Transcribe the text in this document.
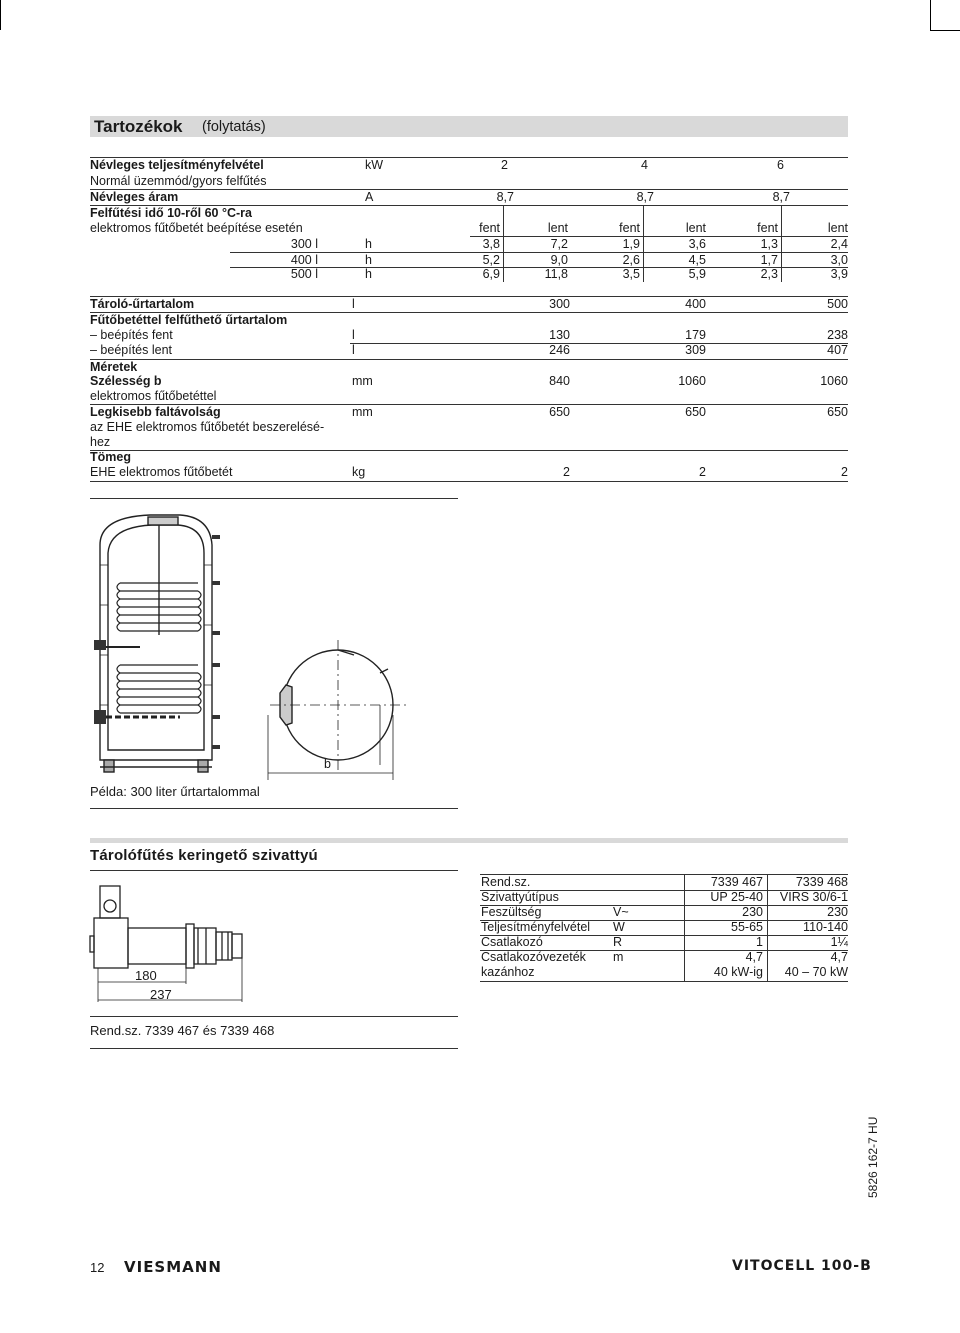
Tartozékok (folytatás)
Névleges teljesítményfelvétel	kW	2	4	6
Normál üzemmód/gyors felfűtés
Névleges áram	A	8,7	8,7	8,7
Felfűtési idő 10-ről 60 °C-ra
elektromos fűtőbetét beépítése esetén	fent	lent	fent	lent	fent	lent
300 l	h	3,8	7,2	1,9	3,6	1,3	2,4
400 l	h	5,2	9,0	2,6	4,5	1,7	3,0
500 l	h	6,9	11,8	3,5	5,9	2,3	3,9
Tároló-űrtartalom	l	300	400	500
Fűtőbetéttel felfűthető űrtartalom
– beépítés fent	l	130	179	238
– beépítés lent	l	246	309	407
Méretek
Szélesség b	mm	840	1060	1060
elektromos fűtőbetéttel
Legkisebb faltávolság	mm	650	650	650
az EHE elektromos fűtőbetét beszerelésé-
hez
Tömeg
EHE elektromos fűtőbetét	kg	2	2	2
b
Példa: 300 liter űrtartalommal
Tárolófűtés keringető szivattyú
180
237
Rend.sz. 7339 467 és 7339 468
Rend.sz.	7339 467	7339 468
Szivattyútípus	UP 25-40	VIRS 30/6-1
Feszültség	V~	230	230
Teljesítményfelvétel W	55-65	110-140
Csatlakozó	R	1	1¼
Csatlakozóvezeték m	4,7	4,7
kazánhoz	40 kW-ig	40 – 70 kW
5826 162-7 HU
12 VIESMANN	VITOCELL 100-B
